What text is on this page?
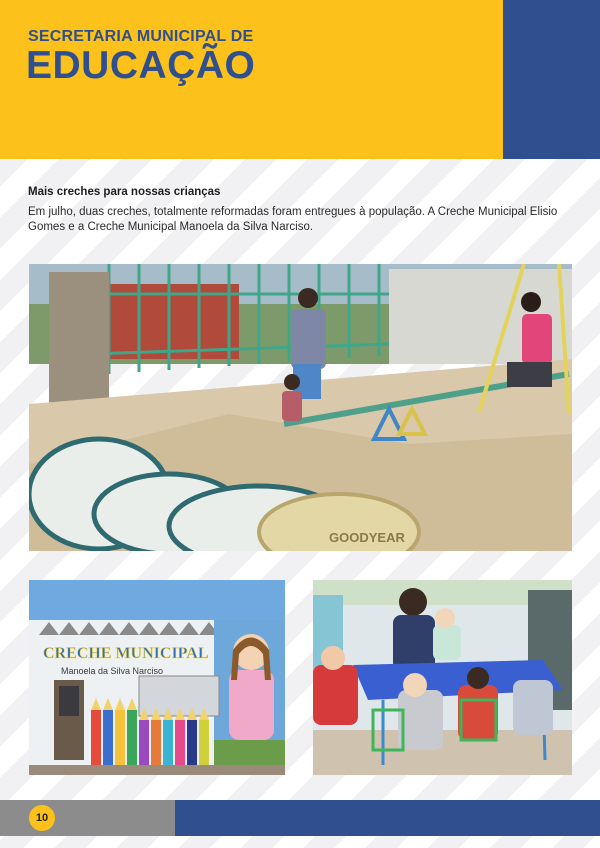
SECRETARIA MUNICIPAL DE
EDUCAÇÃO
Mais creches para nossas crianças
Em julho, duas creches, totalmente reformadas foram entregues à população. A Creche Municipal Elisio Gomes e a Creche Municipal Manoela da Silva Narciso.
GOODYEAR
CRECHE MUNICIPAL
Manoela da Silva Narciso
10
